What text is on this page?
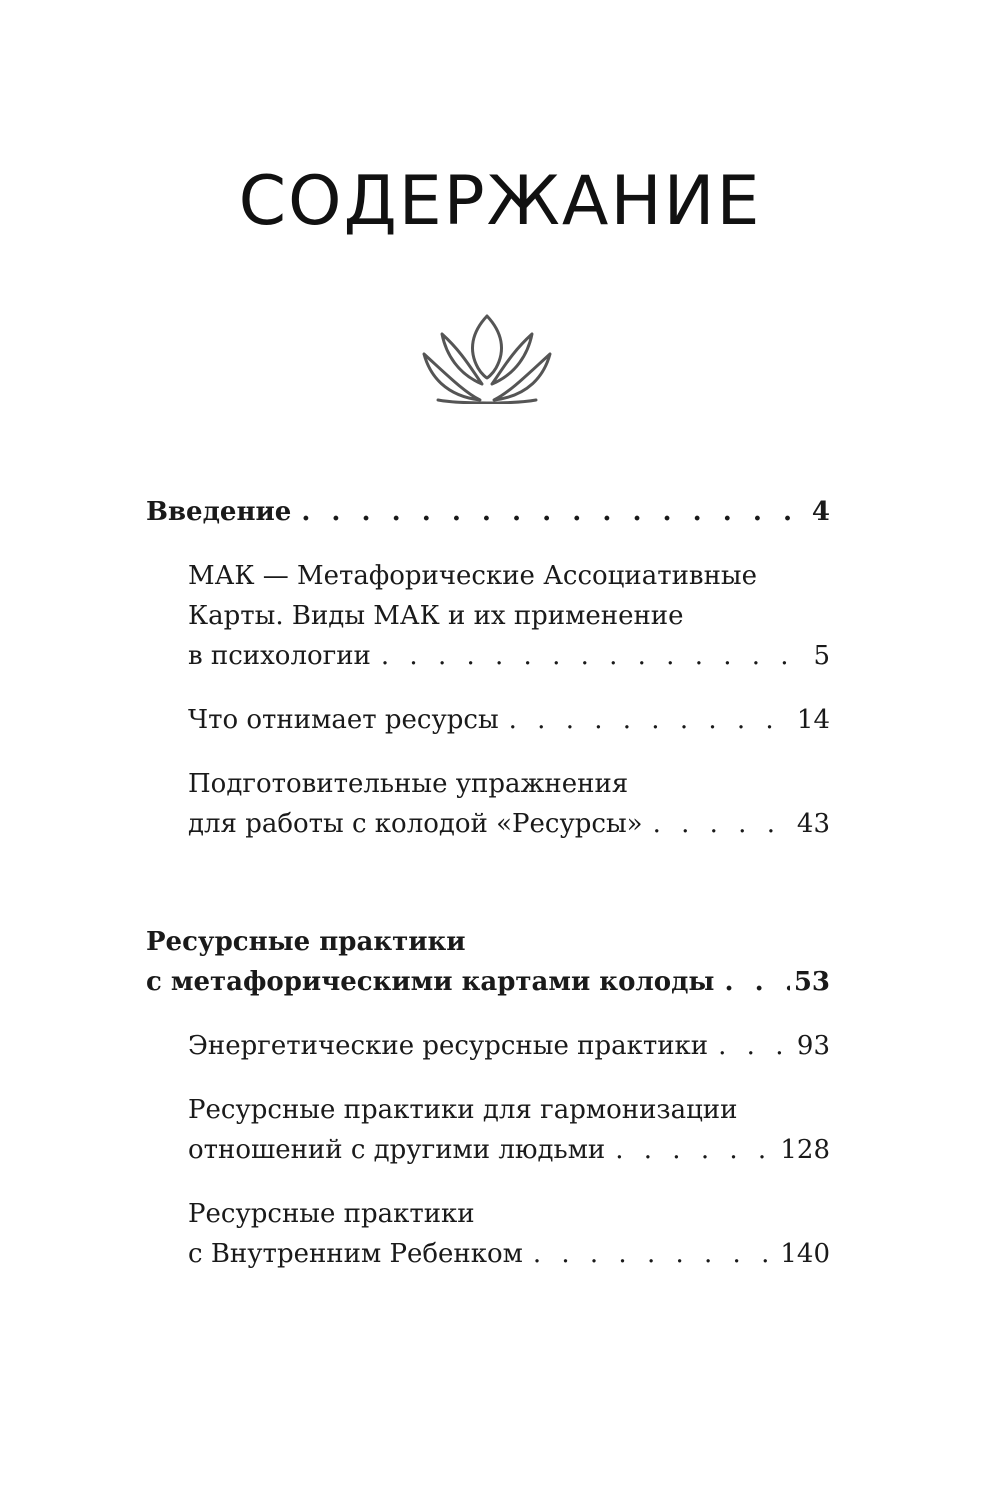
СОДЕРЖАНИЕ
Введение . . .	4
МАК — Метафорические Ассоциативные
Карты. Виды МАК и их применение
в психологии . . .	5
Что отнимает ресурсы . . .	14
Подготовительные упражнения
для работы с колодой «Ресурсы» . . .	43
Ресурсные практики
с метафорическими картами колоды . . .	53
Энергетические ресурсные практики . . .	93
Ресурсные практики для гармонизации
отношений с другими людьми . . .	128
Ресурсные практики
с Внутренним Ребенком . . .	140
